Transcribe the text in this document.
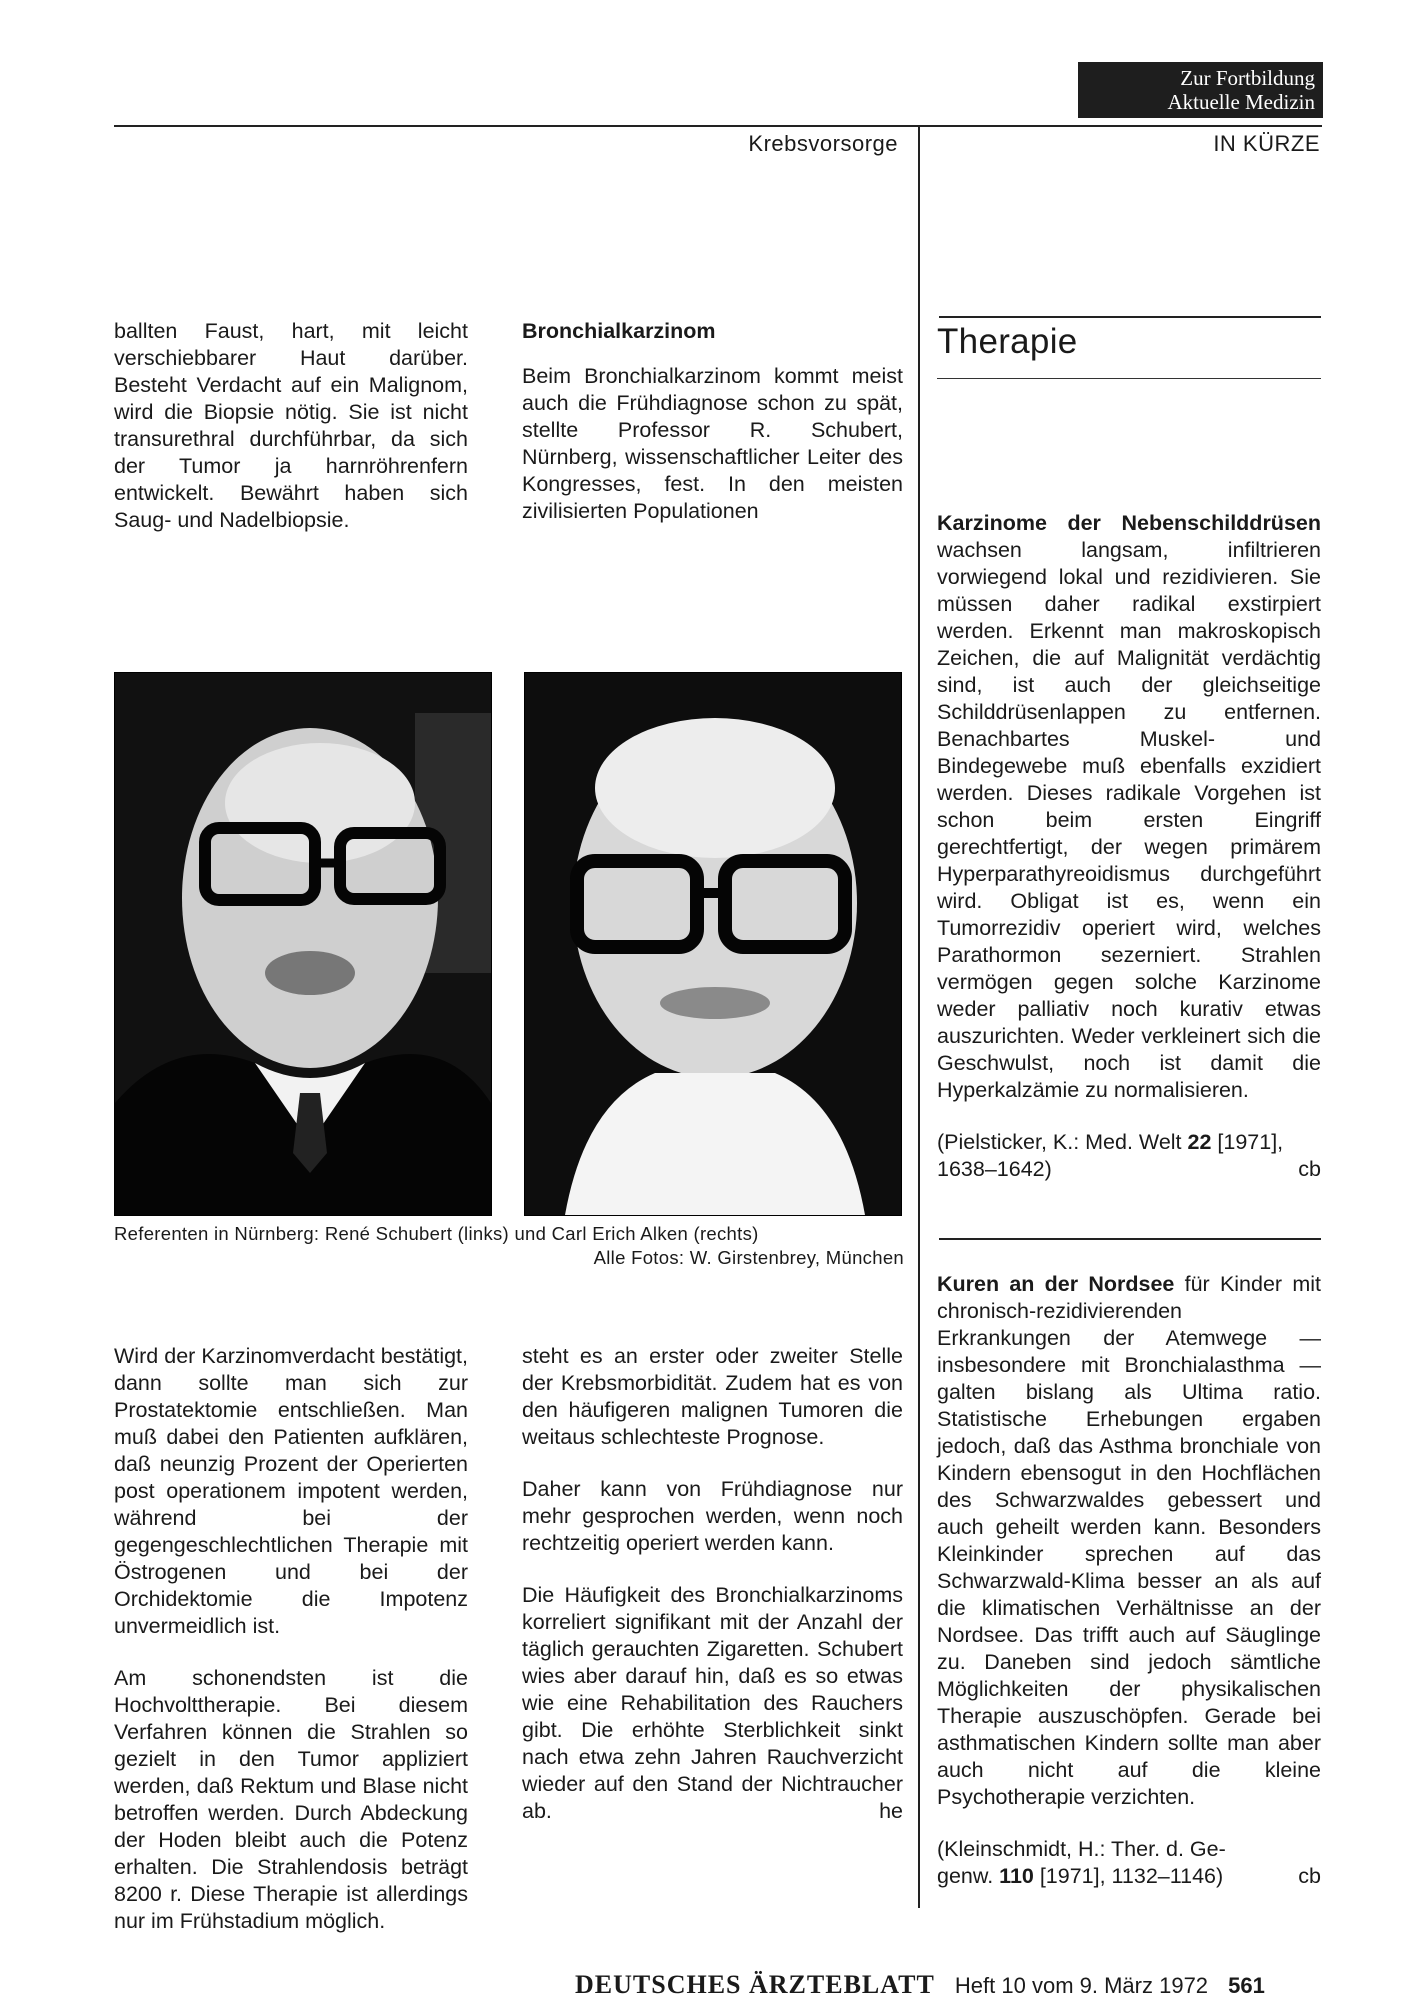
Zur Fortbildung
Aktuelle Medizin
Krebsvorsorge	IN KÜRZE

ballten Faust, hart, mit leicht verschiebbarer Haut darüber. Besteht Verdacht auf ein Malignom, wird die Biopsie nötig. Sie ist nicht transurethral durchführbar, da sich der Tumor ja harnröhrenfern entwickelt. Bewährt haben sich Saug- und Nadelbiopsie.

Bronchialkarzinom

Beim Bronchialkarzinom kommt meist auch die Frühdiagnose schon zu spät, stellte Professor R. Schubert, Nürnberg, wissenschaftlicher Leiter des Kongresses, fest. In den meisten zivilisierten Populationen

Referenten in Nürnberg: René Schubert (links) und Carl Erich Alken (rechts)
Alle Fotos: W. Girstenbrey, München

Wird der Karzinomverdacht bestätigt, dann sollte man sich zur Prostatektomie entschließen. Man muß dabei den Patienten aufklären, daß neunzig Prozent der Operierten post operationem impotent werden, während bei der gegengeschlechtlichen Therapie mit Östrogenen und bei der Orchidektomie die Impotenz unvermeidlich ist.

Am schonendsten ist die Hochvolttherapie. Bei diesem Verfahren können die Strahlen so gezielt in den Tumor appliziert werden, daß Rektum und Blase nicht betroffen werden. Durch Abdeckung der Hoden bleibt auch die Potenz erhalten. Die Strahlendosis beträgt 8200 r. Diese Therapie ist allerdings nur im Frühstadium möglich.

steht es an erster oder zweiter Stelle der Krebsmorbidität. Zudem hat es von den häufigeren malignen Tumoren die weitaus schlechteste Prognose.

Daher kann von Frühdiagnose nur mehr gesprochen werden, wenn noch rechtzeitig operiert werden kann.

Die Häufigkeit des Bronchialkarzinoms korreliert signifikant mit der Anzahl der täglich gerauchten Zigaretten. Schubert wies aber darauf hin, daß es so etwas wie eine Rehabilitation des Rauchers gibt. Die erhöhte Sterblichkeit sinkt nach etwa zehn Jahren Rauchverzicht wieder auf den Stand der Nichtraucher ab.	he

Therapie

Karzinome der Nebenschilddrüsen wachsen langsam, infiltrieren vorwiegend lokal und rezidivieren. Sie müssen daher radikal exstirpiert werden. Erkennt man makroskopisch Zeichen, die auf Malignität verdächtig sind, ist auch der gleichseitige Schilddrüsenlappen zu entfernen. Benachbartes Muskel- und Bindegewebe muß ebenfalls exzidiert werden. Dieses radikale Vorgehen ist schon beim ersten Eingriff gerechtfertigt, der wegen primärem Hyperparathyreoidismus durchgeführt wird. Obligat ist es, wenn ein Tumorrezidiv operiert wird, welches Parathormon sezerniert. Strahlen vermögen gegen solche Karzinome weder palliativ noch kurativ etwas auszurichten. Weder verkleinert sich die Geschwulst, noch ist damit die Hyperkalzämie zu normalisieren.

(Pielsticker, K.: Med. Welt 22 [1971],
1638–1642)	cb

Kuren an der Nordsee für Kinder mit chronisch-rezidivierenden Erkrankungen der Atemwege — insbesondere mit Bronchialasthma — galten bislang als Ultima ratio. Statistische Erhebungen ergaben jedoch, daß das Asthma bronchiale von Kindern ebensogut in den Hochflächen des Schwarzwaldes gebessert und auch geheilt werden kann. Besonders Kleinkinder sprechen auf das Schwarzwald-Klima besser an als auf die klimatischen Verhältnisse an der Nordsee. Das trifft auch auf Säuglinge zu. Daneben sind jedoch sämtliche Möglichkeiten der physikalischen Therapie auszuschöpfen. Gerade bei asthmatischen Kindern sollte man aber auch nicht auf die kleine Psychotherapie verzichten.

(Kleinschmidt, H.: Ther. d. Ge-
genw. 110 [1971], 1132–1146)	cb

DEUTSCHES ÄRZTEBLATT Heft 10 vom 9. März 1972 561
